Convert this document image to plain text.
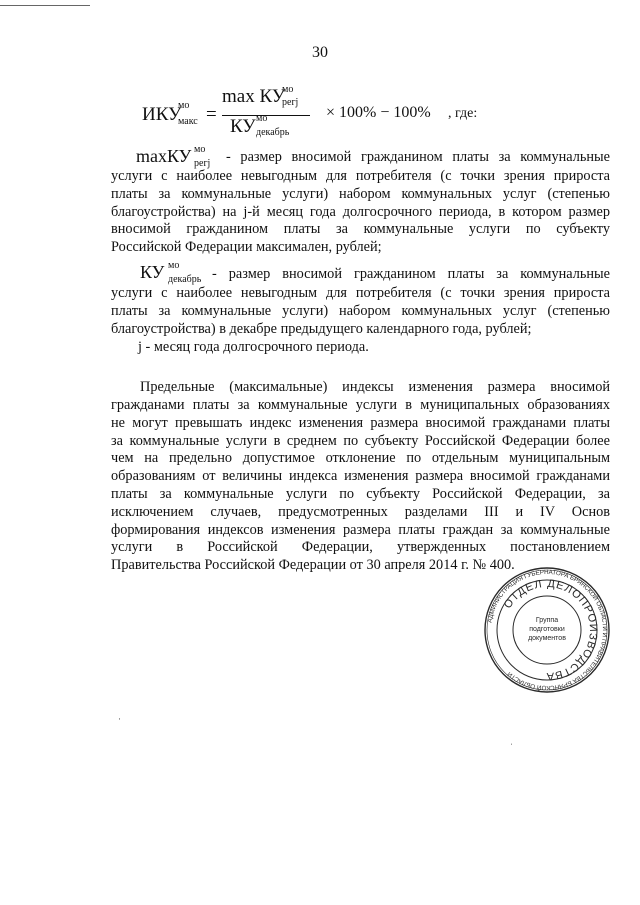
30
ИКУ
мо
макс =
max КУ
мо
регj
КУ мо
декабрь
× 100% − 100% , где:
maxКУ мо
регj - размер вносимой гражданином платы за коммунальные
услуги с наиболее невыгодным для потребителя (с точки зрения прироста
платы за коммунальные услуги) набором коммунальных услуг (степенью
благоустройства) на j-й месяц года долгосрочного периода, в котором размер
вносимой гражданином платы за коммунальные услуги по субъекту
Российской Федерации максимален, рублей;
КУ мо
декабрь - размер вносимой гражданином платы за коммунальные
услуги с наиболее невыгодным для потребителя (с точки зрения прироста
платы за коммунальные услуги) набором коммунальных услуг (степенью
благоустройства) в декабре предыдущего календарного года, рублей;
j - месяц года долгосрочного периода.
Предельные (максимальные) индексы изменения размера вносимой
гражданами платы за коммунальные услуги в муниципальных образованиях
не могут превышать индекс изменения размера вносимой гражданами платы
за коммунальные услуги в среднем по субъекту Российской Федерации более
чем на предельно допустимое отклонение по отдельным муниципальным
образованиям от величины индекса изменения размера вносимой гражданами
платы за коммунальные услуги по субъекту Российской Федерации, за
исключением случаев, предусмотренных разделами III и IV Основ
формирования индексов изменения размера платы граждан за коммунальные
услуги в Российской Федерации, утвержденных постановлением
Правительства Российской Федерации от 30 апреля 2014 г. № 400.
АДМИНИСТРАЦИЯ ГУБЕРНАТОРА БРЯНСКОЙ ОБЛАСТИ И ПРАВИТЕЛЬСТВА БРЯНСКОЙ ОБЛАСТИ
ОТДЕЛ ДЕЛОПРОИЗВОДСТВА
Группа
подготовки
документов
·
ˌ
